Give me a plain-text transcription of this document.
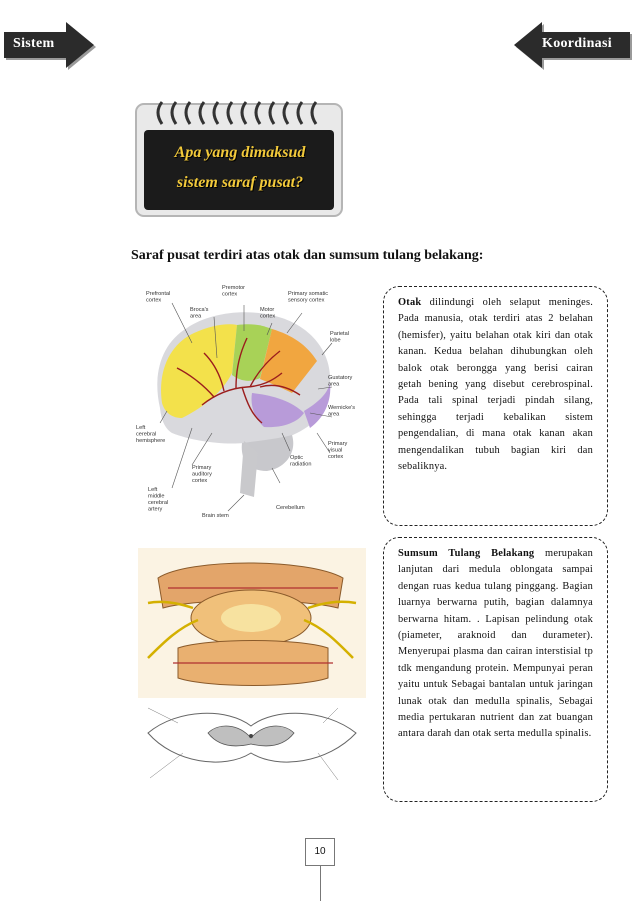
Sistem	Koordinasi
Apa yang dimaksud
sistem saraf pusat?
Saraf pusat terdiri atas otak dan sumsum tulang belakang:
Prefrontal cortex
Broca's area
Premotor cortex
Motor cortex
Primary somatic sensory cortex
Parietal lobe
Gustatory area
Wernicke's area
Primary visual cortex
Optic radiation
Cerebellum
Brain stem
Primary auditory cortex
Left middle cerebral artery
Left cerebral hemisphere

Otak dilindungi oleh selaput meninges. Pada manusia, otak terdiri atas 2 belahan (hemisfer), yaitu belahan otak kiri dan otak kanan. Kedua belahan dihubungkan oleh balok otak berongga yang berisi cairan getah bening yang disebut cerebrospinal. Pada tali spinal terjadi pindah silang, sehingga terjadi kebalikan sistem pengendalian, di mana otak kanan akan mengendalikan tubuh bagian kiri dan sebaliknya.

Sumsum Tulang Belakang merupakan lanjutan dari medula oblongata sampai dengan ruas kedua tulang pinggang. Bagian luarnya berwarna putih, bagian dalamnya berwarna hitam. . Lapisan pelindung otak (piameter, araknoid dan durameter). Menyerupai plasma dan cairan interstisial tp tdk mengandung protein. Mempunyai peran yaitu untuk Sebagai bantalan untuk jaringan lunak otak dan medulla spinalis, Sebagai media pertukaran nutrient dan zat buangan antara darah dan otak serta medulla spinalis.

10
